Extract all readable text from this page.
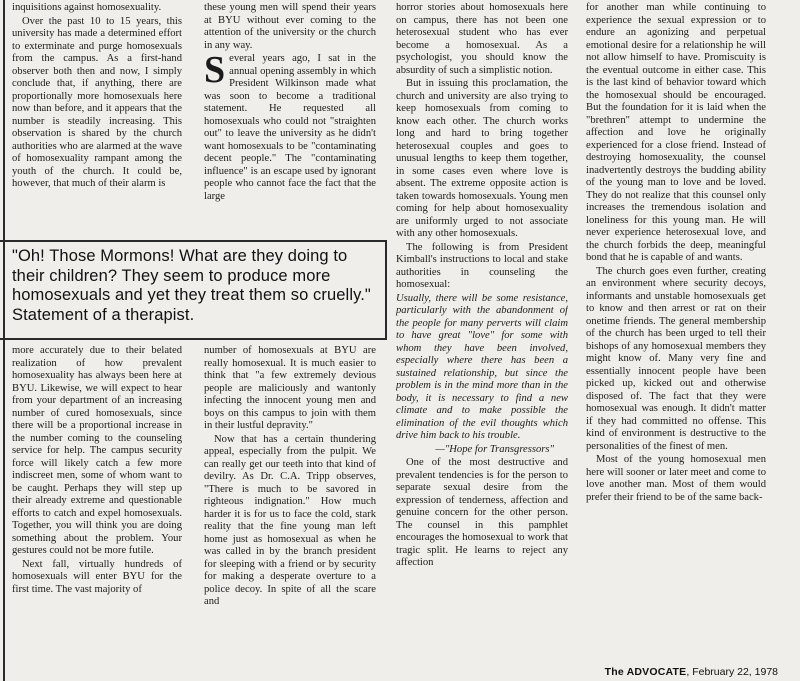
inquisitions against homosexuality.

Over the past 10 to 15 years, this university has made a determined effort to exterminate and purge homosexuals from the campus. As a first-hand observer both then and now, I simply conclude that, if anything, there are proportionally more homosexuals here now than before, and it appears that the number is steadily increasing. This observation is shared by the church authorities who are alarmed at the wave of homosexuality rampant among the youth of the church. It could be, however, that much of their alarm is

these young men will spend their years at BYU without ever coming to the attention of the university or the church in any way.

Several years ago, I sat in the annual opening assembly in which President Wilkinson made what was soon to become a traditional statement. He requested all homosexuals who could not "straighten out" to leave the university as he didn't want homosexuals to be "contaminating decent people." The "contaminating influence" is an escape used by ignorant people who cannot face the fact that the large

"Oh! Those Mormons! What are they doing to their children? They seem to produce more homosexuals and yet they treat them so cruelly." Statement of a therapist.

more accurately due to their belated realization of how prevalent homosexuality has always been here at BYU. Likewise, we will expect to hear from your department of an increasing number of cured homosexuals, since there will be a proportional increase in the number coming to the counseling service for help. The campus security force will likely catch a few more indiscreet men, some of whom want to be caught. Perhaps they will step up their already extreme and questionable efforts to catch and expel homosexuals. Together, you will think you are doing something about the problem. Your gestures could not be more futile.

Next fall, virtually hundreds of homosexuals will enter BYU for the first time. The vast majority of

number of homosexuals at BYU are really homosexual. It is much easier to think that "a few extremely devious people are maliciously and wantonly infecting the innocent young men and boys on this campus to join with them in their lustful depravity."

Now that has a certain thundering appeal, especially from the pulpit. We can really get our teeth into that kind of devilry. As Dr. C.A. Tripp observes, "There is much to be savored in righteous indignation." How much harder it is for us to face the cold, stark reality that the fine young man left home just as homosexual as when he was called in by the branch president for sleeping with a friend or by security for making a desperate overture to a police decoy. In spite of all the scare and

horror stories about homosexuals here on campus, there has not been one heterosexual student who has ever become a homosexual. As a psychologist, you should know the absurdity of such a simplistic notion.

But in issuing this proclamation, the church and university are also trying to keep homosexuals from coming to know each other. The church works long and hard to bring together heterosexual couples and goes to unusual lengths to keep them together, in some cases even where love is absent. The extreme opposite action is taken towards homosexuals. Young men coming for help about homosexuality are uniformly urged to not associate with any other homosexuals.

The following is from President Kimball's instructions to local and stake authorities in counseling the homosexual:

Usually, there will be some resistance, particularly with the abandonment of the people for many perverts will claim to have great "love" for some with whom they have been involved, especially where there has been a sustained relationship, but since the problem is in the mind more than in the body, it is necessary to find a new climate and to make possible the elimination of the evil thoughts which drive him back to his trouble.

—"Hope for Transgressors"

One of the most destructive and prevalent tendencies is for the person to separate sexual desire from the expression of tenderness, affection and genuine concern for the other person. The counsel in this pamphlet encourages the homosexual to work that tragic split. He learns to reject any affection

for another man while continuing to experience the sexual expression or to endure an agonizing and perpetual emotional desire for a relationship he will not allow himself to have. Promiscuity is the eventual outcome in either case. This is the last kind of behavior toward which the homosexual should be encouraged. But the foundation for it is laid when the "brethren" attempt to undermine the affection and love he originally experienced for a close friend. Instead of destroying homosexuality, the counsel inadvertently destroys the budding ability of the young man to love and be loved. They do not realize that this counsel only increases the tremendous isolation and loneliness for this young man. He will never experience heterosexual love, and the church forbids the deep, meaningful bond that he is capable of and wants.

The church goes even further, creating an environment where security decoys, informants and unstable homosexuals get to know and then arrest or rat on their onetime friends. The general membership of the church has been urged to tell their bishops of any homosexual members they might know of. Many very fine and essentially innocent people have been picked up, kicked out and otherwise disposed of. The fact that they were homosexual was enough. It didn't matter if they had committed no offense. This kind of environment is destructive to the personalities of the finest of men.

Most of the young homosexual men here will sooner or later meet and come to love another man. Most of them would prefer their friend to be of the same back-

The ADVOCATE, February 22, 1978
